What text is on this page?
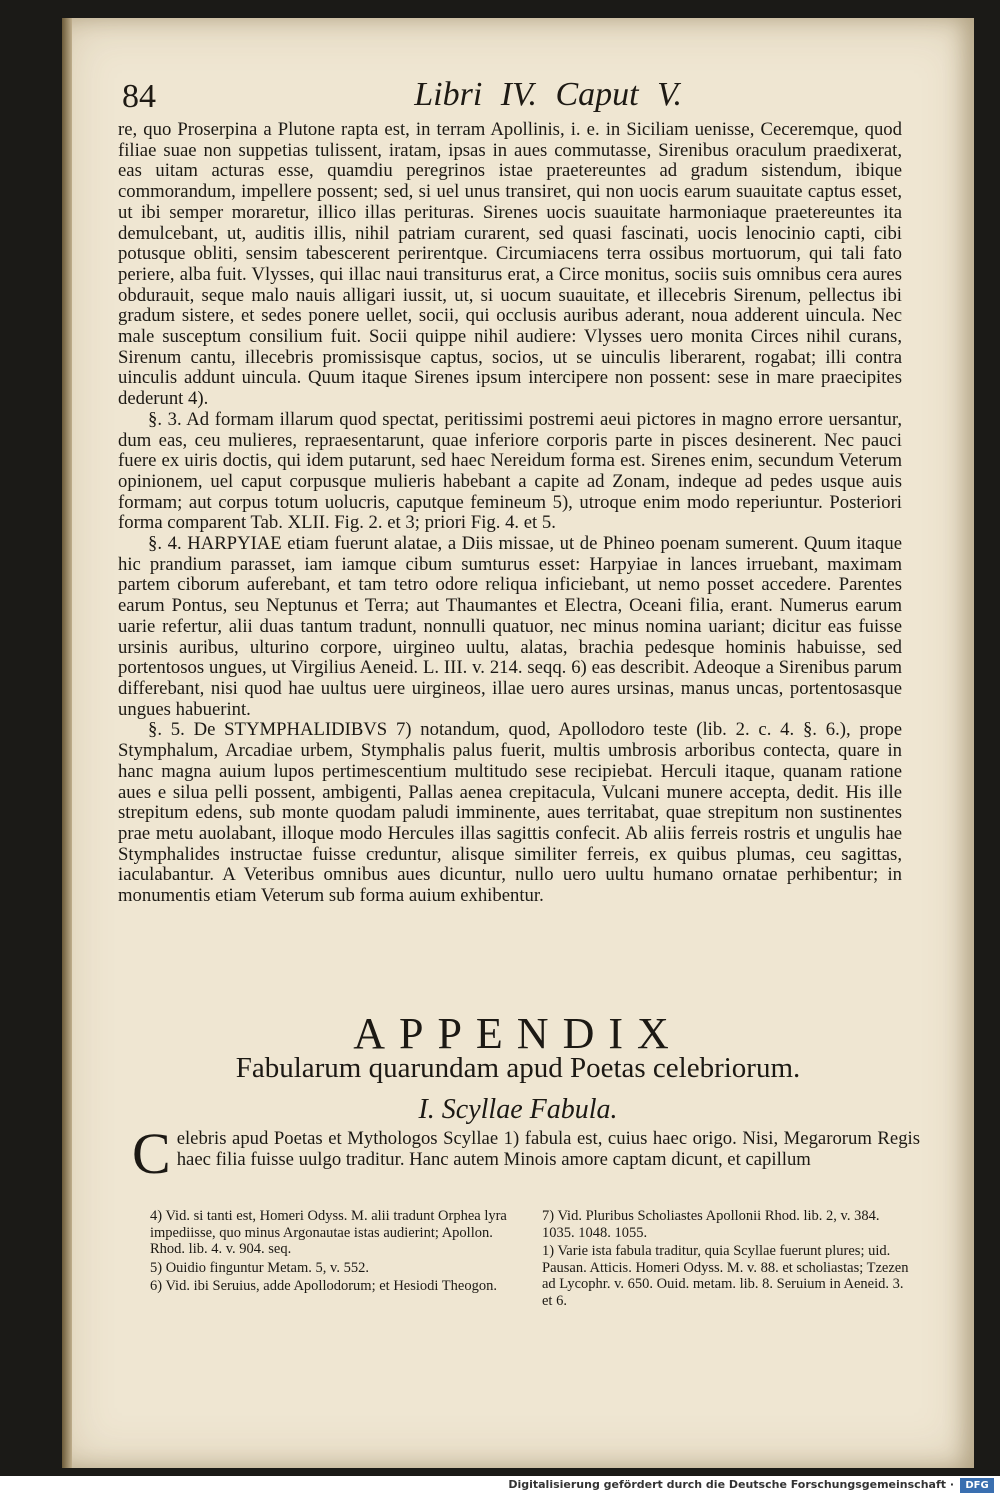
84	Libri IV. Caput V.

re, quo Proserpina a Plutone rapta est, in terram Apollinis, i. e. in Siciliam uenisse, Ceceremque, quod filiae suae non suppetias tulissent, iratam, ipsas in aues commutasse, Sirenibus oraculum praedixerat, eas uitam acturas esse, quamdiu peregrinos istae praetereuntes ad gradum sistendum, ibique commorandum, impellere possent; sed, si uel unus transiret, qui non uocis earum suauitate captus esset, ut ibi semper moraretur, illico illas perituras. Sirenes uocis suauitate harmoniaque praetereuntes ita demulcebant, ut, auditis illis, nihil patriam curarent, sed quasi fascinati, uocis lenocinio capti, cibi potusque obliti, sensim tabescerent perirentque. Circumiacens terra ossibus mortuorum, qui tali fato periere, alba fuit. Vlysses, qui illac naui transiturus erat, a Circe monitus, sociis suis omnibus cera aures obdurauit, seque malo nauis alligari iussit, ut, si uocum suauitate, et illecebris Sirenum, pellectus ibi gradum sistere, et sedes ponere uellet, socii, qui occlusis auribus aderant, noua adderent uincula. Nec male susceptum consilium fuit. Socii quippe nihil audiere: Vlysses uero monita Circes nihil curans, Sirenum cantu, illecebris promissisque captus, socios, ut se uinculis liberarent, rogabat; illi contra uinculis addunt uincula. Quum itaque Sirenes ipsum intercipere non possent: sese in mare praecipites dederunt 4).

§. 3. Ad formam illarum quod spectat, peritissimi postremi aeui pictores in magno errore uersantur, dum eas, ceu mulieres, repraesentarunt, quae inferiore corporis parte in pisces desinerent. Nec pauci fuere ex uiris doctis, qui idem putarunt, sed haec Nereidum forma est. Sirenes enim, secundum Veterum opinionem, uel caput corpusque mulieris habebant a capite ad Zonam, indeque ad pedes usque auis formam; aut corpus totum uolucris, caputque femineum 5), utroque enim modo reperiuntur. Posteriori forma comparent Tab. XLII. Fig. 2. et 3; priori Fig. 4. et 5.

§. 4. HARPYIAE etiam fuerunt alatae, a Diis missae, ut de Phineo poenam sumerent. Quum itaque hic prandium parasset, iam iamque cibum sumturus esset: Harpyiae in lances irruebant, maximam partem ciborum auferebant, et tam tetro odore reliqua inficiebant, ut nemo posset accedere. Parentes earum Pontus, seu Neptunus et Terra; aut Thaumantes et Electra, Oceani filia, erant. Numerus earum uarie refertur, alii duas tantum tradunt, nonnulli quatuor, nec minus nomina uariant; dicitur eas fuisse ursinis auribus, ulturino corpore, uirgineo uultu, alatas, brachia pedesque hominis habuisse, sed portentosos ungues, ut Virgilius Aeneid. L. III. v. 214. seqq. 6) eas describit. Adeoque a Sirenibus parum differebant, nisi quod hae uultus uere uirgineos, illae uero aures ursinas, manus uncas, portentosasque ungues habuerint.

§. 5. De STYMPHALIDIBVS 7) notandum, quod, Apollodoro teste (lib. 2. c. 4. §. 6.), prope Stymphalum, Arcadiae urbem, Stymphalis palus fuerit, multis umbrosis arboribus contecta, quare in hanc magna auium lupos pertimescentium multitudo sese recipiebat. Herculi itaque, quanam ratione aues e silua pelli possent, ambigenti, Pallas aenea crepitacula, Vulcani munere accepta, dedit. His ille strepitum edens, sub monte quodam paludi imminente, aues territabat, quae strepitum non sustinentes prae metu auolabant, illoque modo Hercules illas sagittis confecit. Ab aliis ferreis rostris et ungulis hae Stymphalides instructae fuisse creduntur, alisque similiter ferreis, ex quibus plumas, ceu sagittas, iaculabantur. A Veteribus omnibus aues dicuntur, nullo uero uultu humano ornatae perhibentur; in monumentis etiam Veterum sub forma auium exhibentur.

APPENDIX
Fabularum quarundam apud Poetas celebriorum.
I. Scyllae Fabula.
C elebris apud Poetas et Mythologos Scyllae 1) fabula est, cuius haec origo. Nisi, Megarorum Regis haec filia fuisse uulgo traditur. Hanc autem Minois amore captam dicunt, et capillum
4) Vid. si tanti est, Homeri Odyss. M. alii tradunt Orphea lyra impediisse, quo minus Argonautae istas audierint; Apollon. Rhod. lib. 4. v. 904. seq.
5) Ouidio finguntur Metam. 5, v. 552.
6) Vid. ibi Seruius, adde Apollodorum; et Hesiodi Theogon.
7) Vid. Pluribus Scholiastes Apollonii Rhod. lib. 2, v. 384. 1035. 1048. 1055.
1) Varie ista fabula traditur, quia Scyllae fuerunt plures; uid. Pausan. Atticis. Homeri Odyss. M. v. 88. et scholiastas; Tzezen ad Lycophr. v. 650. Ouid. metam. lib. 8. Seruium in Aeneid. 3. et 6.
Digitalisierung gefördert durch die Deutsche Forschungsgemeinschaft ·	DFG
